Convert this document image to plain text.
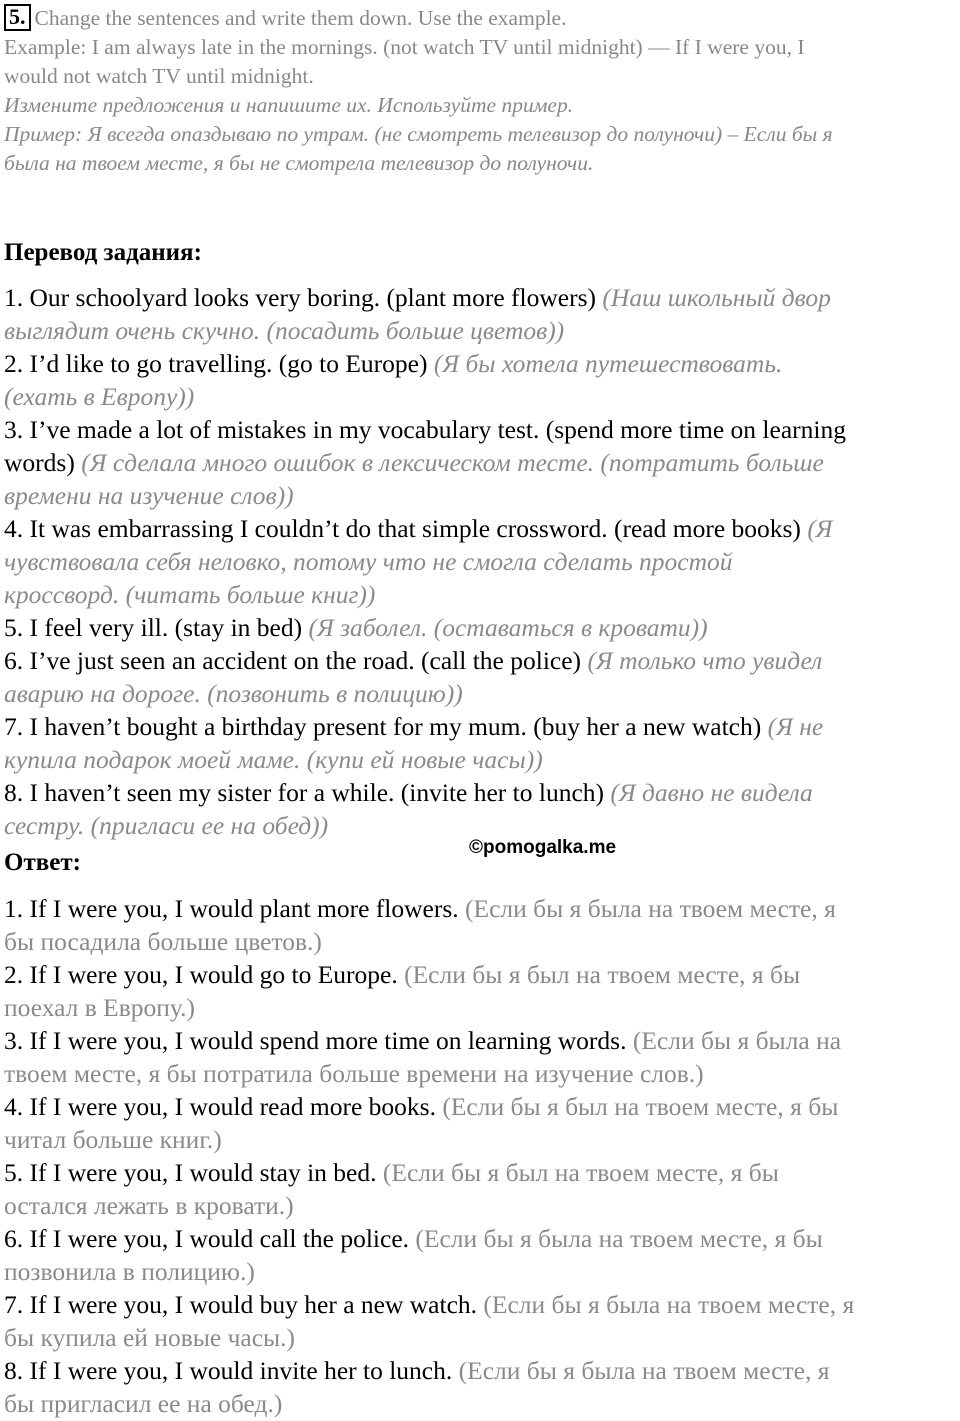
5. Change the sentences and write them down. Use the example.
Example: I am always late in the mornings. (not watch TV until midnight) — If I were you, I
would not watch TV until midnight.
Измените предложения и напишите их. Используйте пример.
Пример: Я всегда опаздываю по утрам. (не смотреть телевизор до полуночи) – Если бы я
была на твоем месте, я бы не смотрела телевизор до полуночи.
Перевод задания:
1. Our schoolyard looks very boring. (plant more flowers) (Наш школьный двор
выглядит очень скучно. (посадить больше цветов))
2. I’d like to go travelling. (go to Europe) (Я бы хотела путешествовать.
(ехать в Европу))
3. I’ve made a lot of mistakes in my vocabulary test. (spend more time on learning
words) (Я сделала много ошибок в лексическом тесте. (потратить больше
времени на изучение слов))
4. It was embarrassing I couldn’t do that simple crossword. (read more books) (Я
чувствовала себя неловко, потому что не смогла сделать простой
кроссворд. (читать больше книг))
5. I feel very ill. (stay in bed) (Я заболел. (оставаться в кровати))
6. I’ve just seen an accident on the road. (call the police) (Я только что увидел
аварию на дороге. (позвонить в полицию))
7. I haven’t bought a birthday present for my mum. (buy her a new watch) (Я не
купила подарок моей маме. (купи ей новые часы))
8. I haven’t seen my sister for a while. (invite her to lunch) (Я давно не видела
сестру. (пригласи ее на обед))
©pomogalka.me
Ответ:
1. If I were you, I would plant more flowers. (Если бы я была на твоем месте, я
бы посадила больше цветов.)
2. If I were you, I would go to Europe. (Если бы я был на твоем месте, я бы
поехал в Европу.)
3. If I were you, I would spend more time on learning words. (Если бы я была на
твоем месте, я бы потратила больше времени на изучение слов.)
4. If I were you, I would read more books. (Если бы я был на твоем месте, я бы
читал больше книг.)
5. If I were you, I would stay in bed. (Если бы я был на твоем месте, я бы
остался лежать в кровати.)
6. If I were you, I would call the police. (Если бы я была на твоем месте, я бы
позвонила в полицию.)
7. If I were you, I would buy her a new watch. (Если бы я была на твоем месте, я
бы купила ей новые часы.)
8. If I were you, I would invite her to lunch. (Если бы я была на твоем месте, я
бы пригласил ее на обед.)
